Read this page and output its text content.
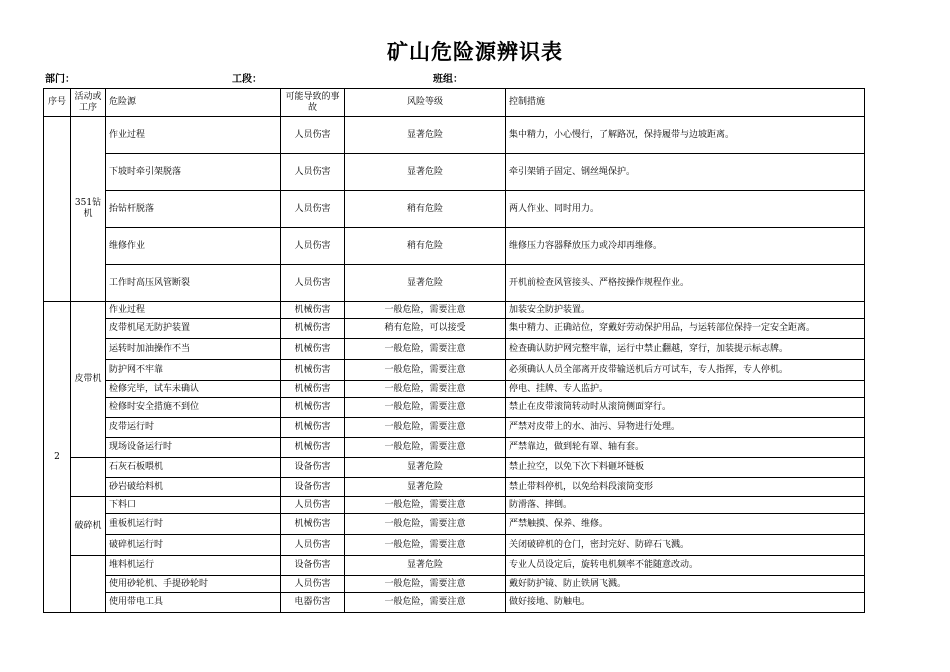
矿山危险源辨识表
部门：	工段：	班组：
序号	活动或工序	危险源	可能导致的事故	风险等级	控制措施
	351钻机	作业过程	人员伤害	显著危险	集中精力，小心慢行，了解路况，保持履带与边坡距离。
		下坡时牵引架脱落	人员伤害	显著危险	牵引架销子固定、钢丝绳保护。
		抬钻杆脱落	人员伤害	稍有危险	两人作业、同时用力。
		维修作业	人员伤害	稍有危险	维修压力容器释放压力或冷却再维修。
		工作时高压风管断裂	人员伤害	显著危险	开机前检查风管接头、严格按操作规程作业。
2	皮带机	作业过程	机械伤害	一般危险，需要注意	加装安全防护装置。
		皮带机尾无防护装置	机械伤害	稍有危险，可以接受	集中精力、正确站位，穿戴好劳动保护用品，与运转部位保持一定安全距离。
		运转时加油操作不当	机械伤害	一般危险，需要注意	检查确认防护网完整牢靠，运行中禁止翻越，穿行，加装提示标志牌。
		防护网不牢靠	机械伤害	一般危险，需要注意	必须确认人员全部离开皮带输送机后方可试车，专人指挥，专人停机。
		检修完毕，试车未确认	机械伤害	一般危险，需要注意	停电、挂牌、专人监护。
		检修时安全措施不到位	机械伤害	一般危险，需要注意	禁止在皮带滚筒转动时从滚筒侧面穿行。
		皮带运行时	机械伤害	一般危险，需要注意	严禁对皮带上的水、油污、异物进行处理。
		现场设备运行时	机械伤害	一般危险，需要注意	严禁靠边，做到轮有罩、轴有套。
		石灰石板喂机	设备伤害	显著危险	禁止拉空，以免下次下料砸坏链板
		砂岩破给料机	设备伤害	显著危险	禁止带料停机，以免给料段滚筒变形
	破碎机	下料口	人员伤害	一般危险，需要注意	防滑落、摔倒。
		重板机运行时	机械伤害	一般危险，需要注意	严禁触摸、保养、维修。
		破碎机运行时	人员伤害	一般危险，需要注意	关闭破碎机的仓门，密封完好、防碎石飞溅。
		堆料机运行	设备伤害	显著危险	专业人员设定后，旋转电机频率不能随意改动。
		使用砂轮机、手提砂轮时	人员伤害	一般危险，需要注意	戴好防护镜、防止铁屑飞溅。
		使用带电工具	电器伤害	一般危险，需要注意	做好接地、防触电。
